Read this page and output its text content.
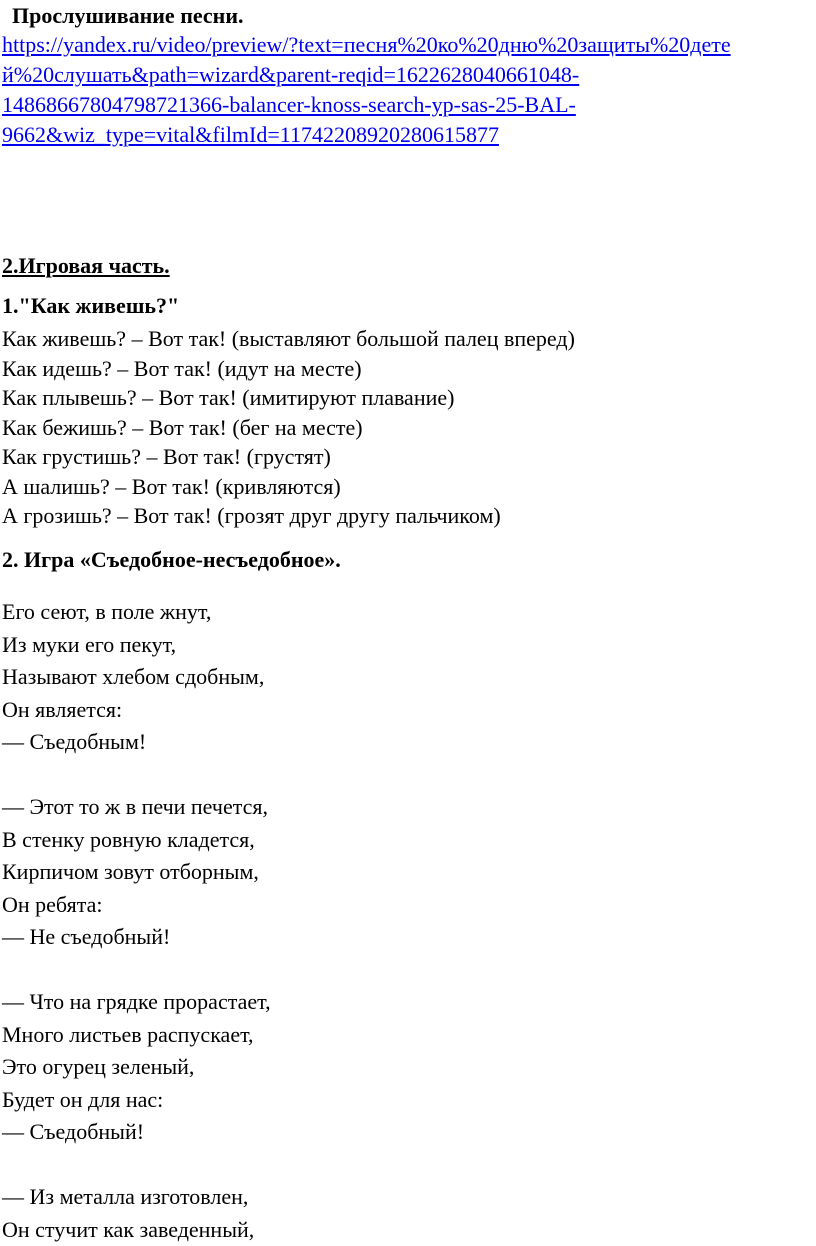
Прослушивание песни.
https://yandex.ru/video/preview/?text=песня%20ко%20дню%20защиты%20дете
й%20слушать&path=wizard&parent-reqid=1622628040661048-
14868667804798721366-balancer-knoss-search-yp-sas-25-BAL-
9662&wiz_type=vital&filmId=11742208920280615877
2.Игровая часть.
1."Как живешь?"
Как живешь? – Вот так! (выставляют большой палец вперед)
Как идешь? – Вот так! (идут на месте)
Как плывешь? – Вот так! (имитируют плавание)
Как бежишь? – Вот так! (бег на месте)
Как грустишь? – Вот так! (грустят)
А шалишь? – Вот так! (кривляются)
А грозишь? – Вот так! (грозят друг другу пальчиком)
2. Игра «Съедобное-несъедобное».
Его сеют, в поле жнут,
Из муки его пекут,
Называют хлебом сдобным,
Он является:
— Съедобным!
— Этот то ж в печи печется,
В стенку ровную кладется,
Кирпичом зовут отборным,
Он ребята:
— Не съедобный!
— Что на грядке прорастает,
Много листьев распускает,
Это огурец зеленый,
Будет он для нас:
— Съедобный!
— Из металла изготовлен,
Он стучит как заведенный,
